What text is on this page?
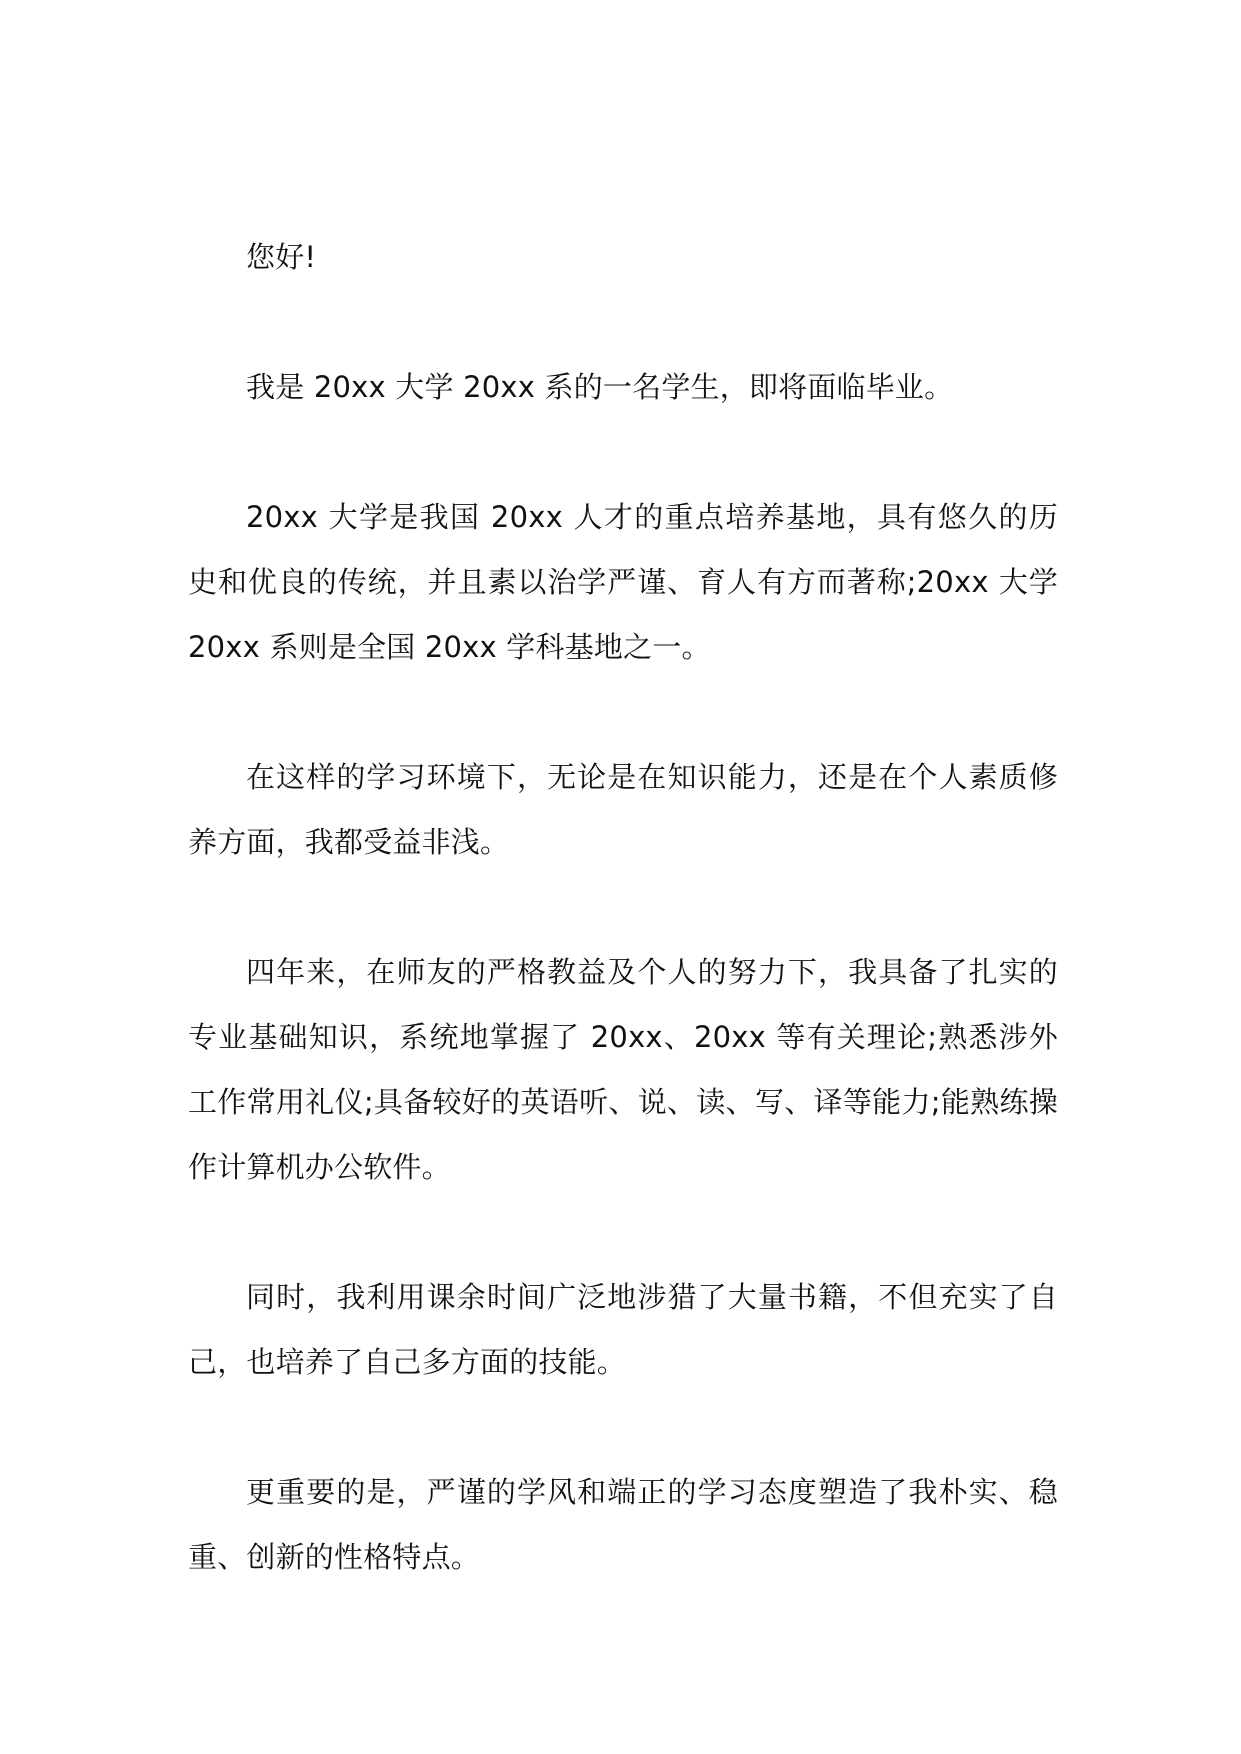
您好!

我是 20xx 大学 20xx 系的一名学生，即将面临毕业。

20xx 大学是我国 20xx 人才的重点培养基地，具有悠久的历史和优良的传统，并且素以治学严谨、育人有方而著称;20xx 大学 20xx 系则是全国 20xx 学科基地之一。

在这样的学习环境下，无论是在知识能力，还是在个人素质修养方面，我都受益非浅。

四年来，在师友的严格教益及个人的努力下，我具备了扎实的专业基础知识，系统地掌握了 20xx、20xx 等有关理论;熟悉涉外工作常用礼仪;具备较好的英语听、说、读、写、译等能力;能熟练操作计算机办公软件。

同时，我利用课余时间广泛地涉猎了大量书籍，不但充实了自己，也培养了自己多方面的技能。

更重要的是，严谨的学风和端正的学习态度塑造了我朴实、稳重、创新的性格特点。
